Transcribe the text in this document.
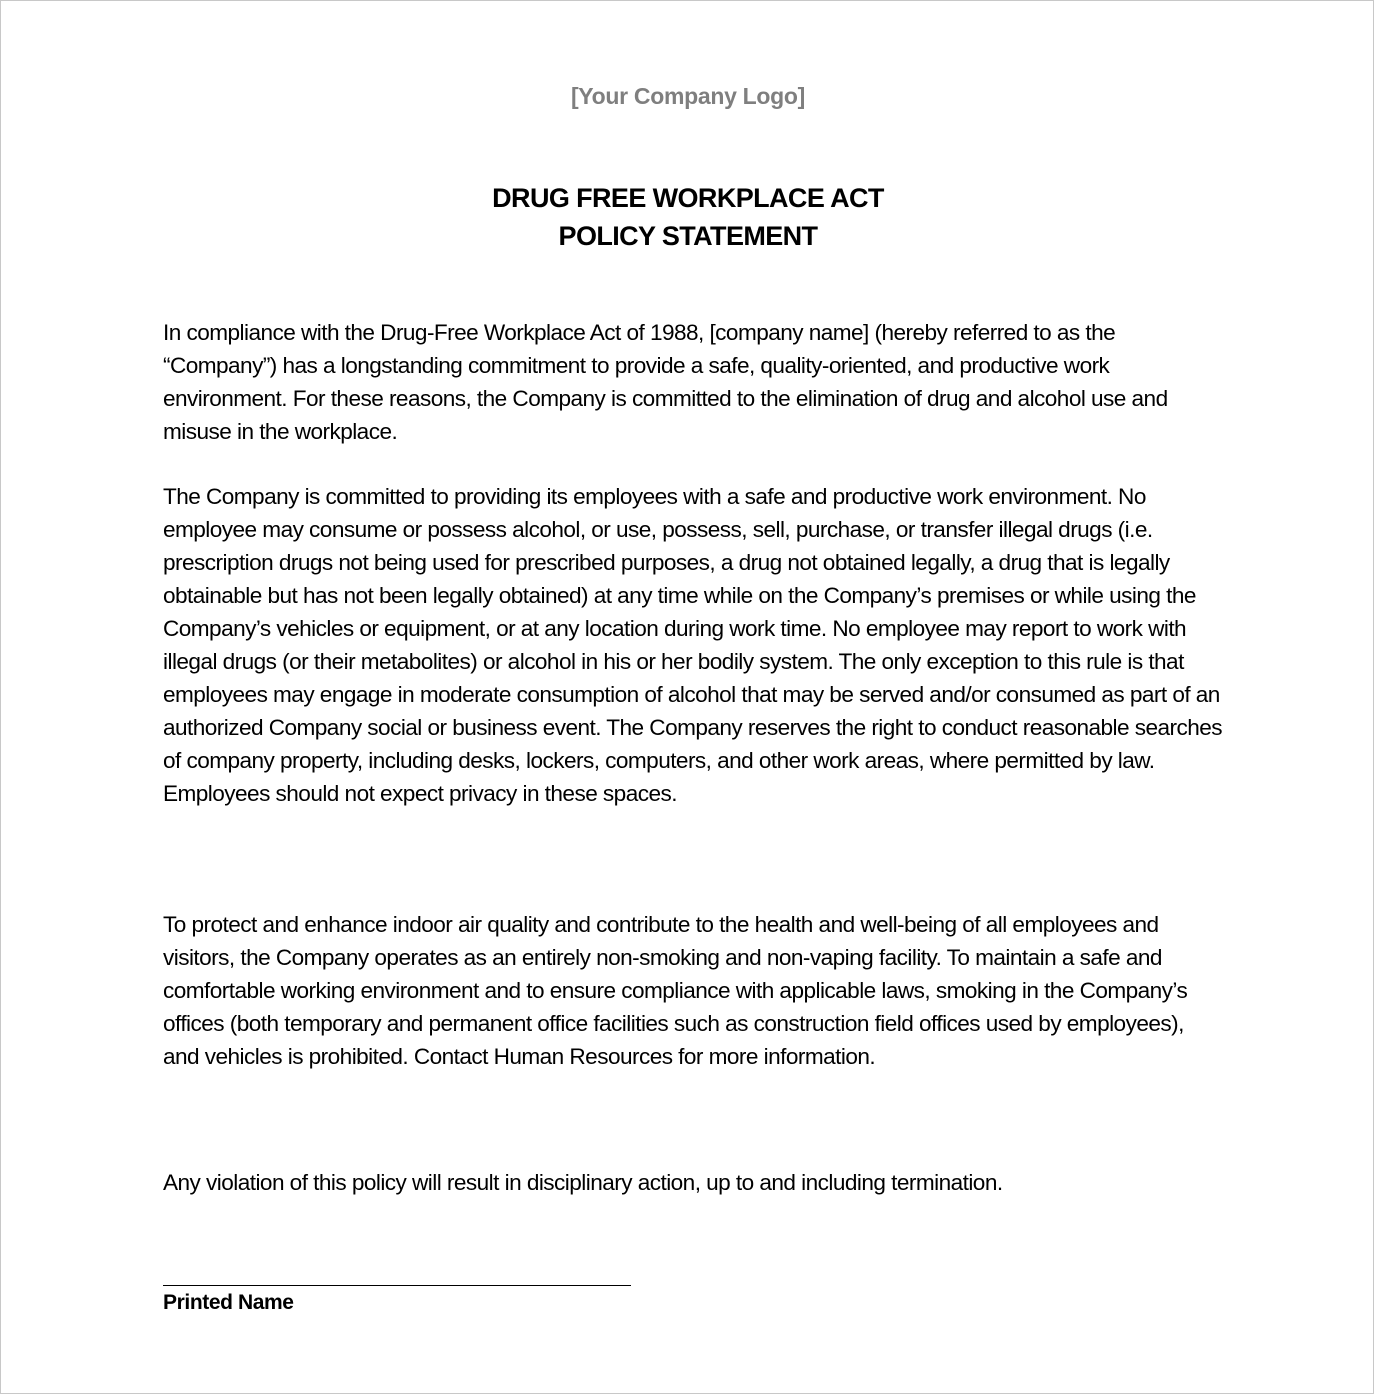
[Your Company Logo]
DRUG FREE WORKPLACE ACT
POLICY STATEMENT

In compliance with the Drug-Free Workplace Act of 1988, [company name] (hereby referred to as the “Company”) has a longstanding commitment to provide a safe, quality-oriented, and productive work environment. For these reasons, the Company is committed to the elimination of drug and alcohol use and misuse in the workplace.

The Company is committed to providing its employees with a safe and productive work environment. No employee may consume or possess alcohol, or use, possess, sell, purchase, or transfer illegal drugs (i.e. prescription drugs not being used for prescribed purposes, a drug not obtained legally, a drug that is legally obtainable but has not been legally obtained) at any time while on the Company’s premises or while using the Company’s vehicles or equipment, or at any location during work time. No employee may report to work with illegal drugs (or their metabolites) or alcohol in his or her bodily system. The only exception to this rule is that employees may engage in moderate consumption of alcohol that may be served and/or consumed as part of an authorized Company social or business event. The Company reserves the right to conduct reasonable searches of company property, including desks, lockers, computers, and other work areas, where permitted by law. Employees should not expect privacy in these spaces.

To protect and enhance indoor air quality and contribute to the health and well-being of all employees and visitors, the Company operates as an entirely non-smoking and non-vaping facility. To maintain a safe and comfortable working environment and to ensure compliance with applicable laws, smoking in the Company’s offices (both temporary and permanent office facilities such as construction field offices used by employees), and vehicles is prohibited. Contact Human Resources for more information.

Any violation of this policy will result in disciplinary action, up to and including termination.

Printed Name
